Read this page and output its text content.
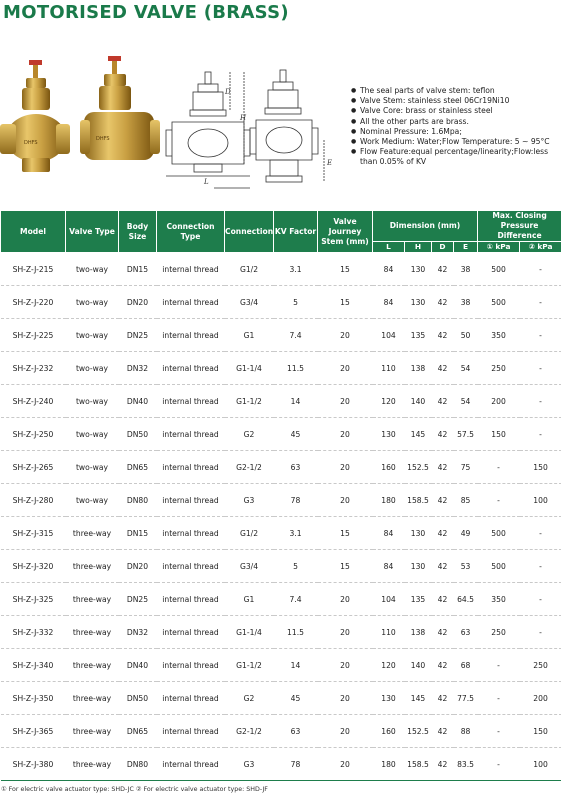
MOTORISED VALVE (BRASS)
DHFS
DHFS
D
H
L
E
● The seal parts of valve stem: teflon
● Valve Stem: stainless steel 06Cr19Ni10
● Valve Core: brass or stainless steel
● All the other parts are brass.
● Nominal Pressure: 1.6Mpa;
● Work Medium: Water;Flow Temperature: 5 ~ 95°C
● Flow Feature:equal percentage/linearity;Flow:less than 0.05% of KV
Model	Valve Type	Body Size	Connection Type	Connection	KV Factor	Valve Journey Stem (mm)	Dimension (mm)				Max. Closing Pressure Difference	
							L	H	D	E	① kPa	② kPa
SH-Z-J-215	two-way	DN15	internal thread	G1/2	3.1	15	84	130	42	38	500	-
SH-Z-J-220	two-way	DN20	internal thread	G3/4	5	15	84	130	42	38	500	-
SH-Z-J-225	two-way	DN25	internal thread	G1	7.4	20	104	135	42	50	350	-
SH-Z-J-232	two-way	DN32	internal thread	G1-1/4	11.5	20	110	138	42	54	250	-
SH-Z-J-240	two-way	DN40	internal thread	G1-1/2	14	20	120	140	42	54	200	-
SH-Z-J-250	two-way	DN50	internal thread	G2	45	20	130	145	42	57.5	150	-
SH-Z-J-265	two-way	DN65	internal thread	G2-1/2	63	20	160	152.5	42	75	-	150
SH-Z-J-280	two-way	DN80	internal thread	G3	78	20	180	158.5	42	85	-	100
SH-Z-J-315	three-way	DN15	internal thread	G1/2	3.1	15	84	130	42	49	500	-
SH-Z-J-320	three-way	DN20	internal thread	G3/4	5	15	84	130	42	53	500	-
SH-Z-J-325	three-way	DN25	internal thread	G1	7.4	20	104	135	42	64.5	350	-
SH-Z-J-332	three-way	DN32	internal thread	G1-1/4	11.5	20	110	138	42	63	250	-
SH-Z-J-340	three-way	DN40	internal thread	G1-1/2	14	20	120	140	42	68	-	250
SH-Z-J-350	three-way	DN50	internal thread	G2	45	20	130	145	42	77.5	-	200
SH-Z-J-365	three-way	DN65	internal thread	G2-1/2	63	20	160	152.5	42	88	-	150
SH-Z-J-380	three-way	DN80	internal thread	G3	78	20	180	158.5	42	83.5	-	100
① For electric valve actuator type: SHD-JC ② For electric valve actuator type: SHD-JF
